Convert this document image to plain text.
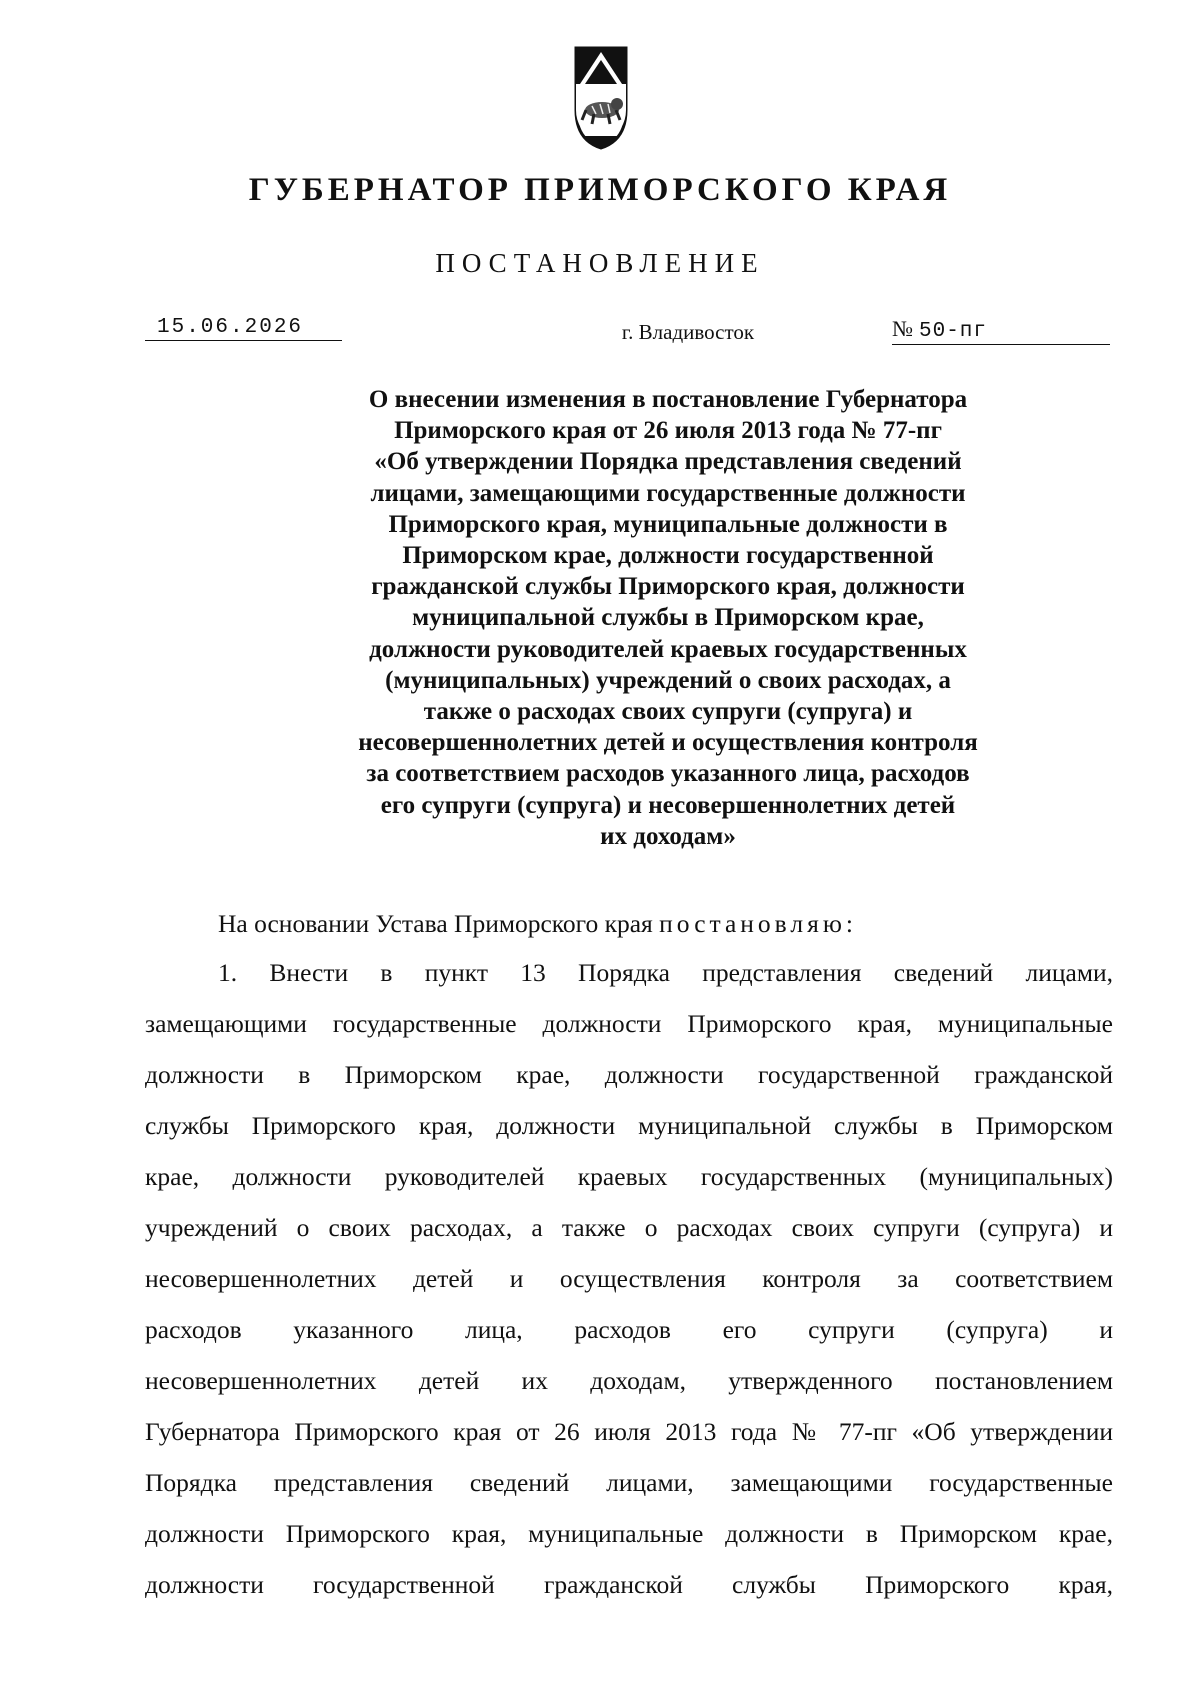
ГУБЕРНАТОР ПРИМОРСКОГО КРАЯ
ПОСТАНОВЛЕНИЕ
15.06.2026	г. Владивосток	№ 50-пг
О внесении изменения в постановление Губернатора
Приморского края от 26 июля 2013 года № 77-пг
«Об утверждении Порядка представления сведений
лицами, замещающими государственные должности
Приморского края, муниципальные должности в
Приморском крае, должности государственной
гражданской службы Приморского края, должности
муниципальной службы в Приморском крае,
должности руководителей краевых государственных
(муниципальных) учреждений о своих расходах, а
также о расходах своих супруги (супруга) и
несовершеннолетних детей и осуществления контроля
за соответствием расходов указанного лица, расходов
его супруги (супруга) и несовершеннолетних детей
их доходам»
На основании Устава Приморского края постановляю:
1. Внести в пункт 13 Порядка представления сведений лицами,
замещающими государственные должности Приморского края, муниципальные
должности в Приморском крае, должности государственной гражданской
службы Приморского края, должности муниципальной службы в Приморском
крае, должности руководителей краевых государственных (муниципальных)
учреждений о своих расходах, а также о расходах своих супруги (супруга) и
несовершеннолетних детей и осуществления контроля за соответствием
расходов указанного лица, расходов его супруги (супруга) и
несовершеннолетних детей их доходам, утвержденного постановлением
Губернатора Приморского края от 26 июля 2013 года № 77-пг «Об утверждении
Порядка представления сведений лицами, замещающими государственные
должности Приморского края, муниципальные должности в Приморском крае,
должности государственной гражданской службы Приморского края,
